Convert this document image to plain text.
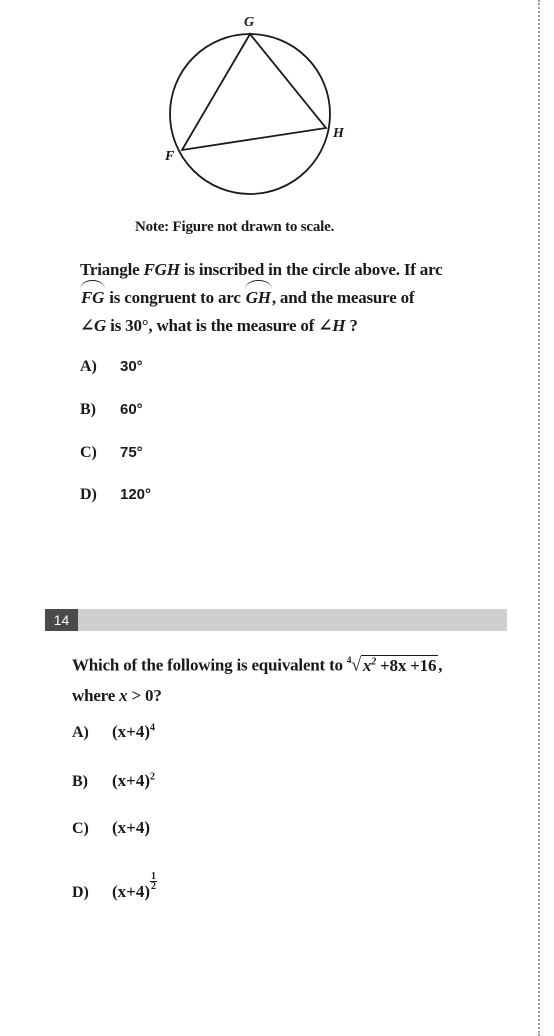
G
H
F
Note: Figure not drawn to scale.
Triangle FGH is inscribed in the circle above. If arc
FG is congruent to arc GH, and the measure of
∠G is 30°, what is the measure of ∠H ?
A) 30°
B) 60°
C) 75°
D) 120°
14
Which of the following is equivalent to $^4$√ $x^2 +8x +16$ ,
where x > 0?
A) $(x+4)^4$
B) $(x+4)^2$
C) (x+4)
D) (x+4)
$\frac{1}{2}$
